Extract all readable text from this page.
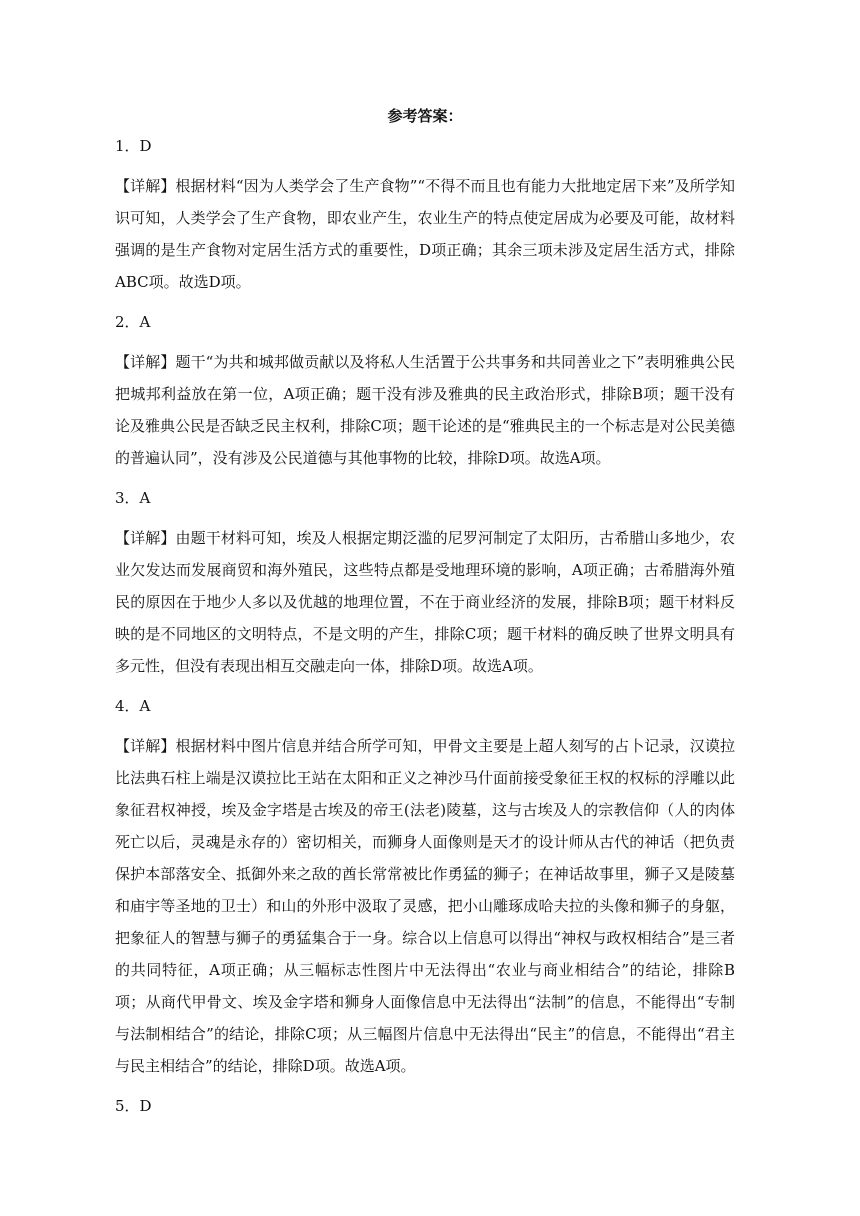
参考答案：
1．D
【详解】根据材料“因为人类学会了生产食物”“不得不而且也有能力大批地定居下来”及所学知识可知，人类学会了生产食物，即农业产生，农业生产的特点使定居成为必要及可能，故材料强调的是生产食物对定居生活方式的重要性，D项正确；其余三项未涉及定居生活方式，排除ABC项。故选D项。
2．A
【详解】题干“为共和城邦做贡献以及将私人生活置于公共事务和共同善业之下”表明雅典公民把城邦利益放在第一位，A项正确；题干没有涉及雅典的民主政治形式，排除B项；题干没有论及雅典公民是否缺乏民主权利，排除C项；题干论述的是“雅典民主的一个标志是对公民美德的普遍认同”，没有涉及公民道德与其他事物的比较，排除D项。故选A项。
3．A
【详解】由题干材料可知，埃及人根据定期泛滥的尼罗河制定了太阳历，古希腊山多地少，农业欠发达而发展商贸和海外殖民，这些特点都是受地理环境的影响，A项正确；古希腊海外殖民的原因在于地少人多以及优越的地理位置，不在于商业经济的发展，排除B项；题干材料反映的是不同地区的文明特点，不是文明的产生，排除C项；题干材料的确反映了世界文明具有多元性，但没有表现出相互交融走向一体，排除D项。故选A项。
4．A
【详解】根据材料中图片信息并结合所学可知，甲骨文主要是上超人刻写的占卜记录，汉谟拉比法典石柱上端是汉谟拉比王站在太阳和正义之神沙马什面前接受象征王权的权标的浮雕以此象征君权神授，埃及金字塔是古埃及的帝王(法老)陵墓，这与古埃及人的宗教信仰（人的肉体死亡以后，灵魂是永存的）密切相关，而狮身人面像则是天才的设计师从古代的神话（把负责保护本部落安全、抵御外来之敌的酋长常常被比作勇猛的狮子；在神话故事里，狮子又是陵墓和庙宇等圣地的卫士）和山的外形中汲取了灵感，把小山雕琢成哈夫拉的头像和狮子的身躯，把象征人的智慧与狮子的勇猛集合于一身。综合以上信息可以得出“神权与政权相结合”是三者的共同特征，A项正确；从三幅标志性图片中无法得出“农业与商业相结合”的结论，排除B项；从商代甲骨文、埃及金字塔和狮身人面像信息中无法得出“法制”的信息，不能得出“专制与法制相结合”的结论，排除C项；从三幅图片信息中无法得出“民主”的信息，不能得出“君主与民主相结合”的结论，排除D项。故选A项。
5．D
